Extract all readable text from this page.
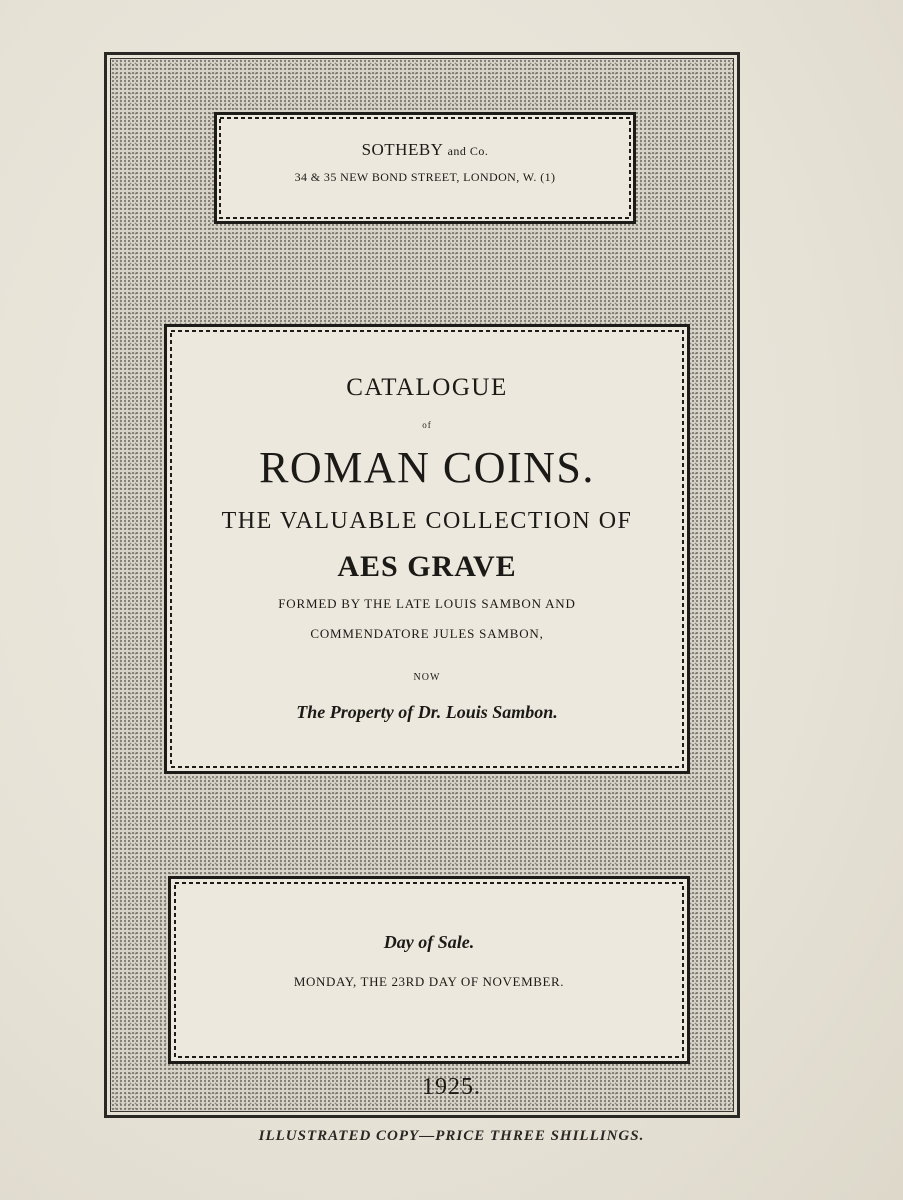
SOTHEBY and Co.
34 & 35 NEW BOND STREET, LONDON, W. (1)
CATALOGUE
of
ROMAN COINS.
THE VALUABLE COLLECTION OF
AES GRAVE
FORMED BY THE LATE LOUIS SAMBON AND
COMMENDATORE JULES SAMBON,
NOW
The Property of Dr. Louis Sambon.
Day of Sale.
MONDAY, THE 23RD DAY OF NOVEMBER.
1925.
ILLUSTRATED COPY—PRICE THREE SHILLINGS.
